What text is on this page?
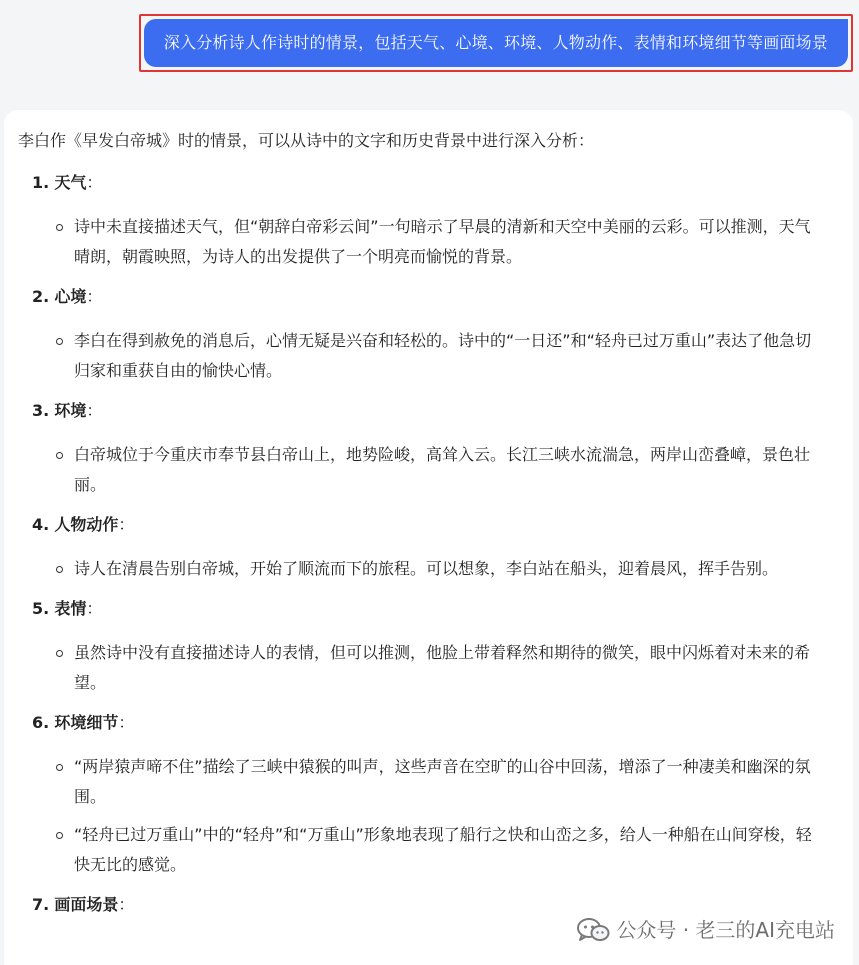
深入分析诗人作诗时的情景，包括天气、心境、环境、人物动作、表情和环境细节等画面场景

李白作《早发白帝城》时的情景，可以从诗中的文字和历史背景中进行深入分析：

1. 天气：
诗中未直接描述天气，但“朝辞白帝彩云间”一句暗示了早晨的清新和天空中美丽的云彩。可以推测，天气晴朗，朝霞映照，为诗人的出发提供了一个明亮而愉悦的背景。
2. 心境：
李白在得到赦免的消息后，心情无疑是兴奋和轻松的。诗中的“一日还”和“轻舟已过万重山”表达了他急切归家和重获自由的愉快心情。
3. 环境：
白帝城位于今重庆市奉节县白帝山上，地势险峻，高耸入云。长江三峡水流湍急，两岸山峦叠嶂，景色壮丽。
4. 人物动作：
诗人在清晨告别白帝城，开始了顺流而下的旅程。可以想象，李白站在船头，迎着晨风，挥手告别。
5. 表情：
虽然诗中没有直接描述诗人的表情，但可以推测，他脸上带着释然和期待的微笑，眼中闪烁着对未来的希望。
6. 环境细节：
“两岸猿声啼不住”描绘了三峡中猿猴的叫声，这些声音在空旷的山谷中回荡，增添了一种凄美和幽深的氛围。
“轻舟已过万重山”中的“轻舟”和“万重山”形象地表现了船行之快和山峦之多，给人一种船在山间穿梭，轻快无比的感觉。
7. 画面场景：
公众号 · 老三的AI充电站
